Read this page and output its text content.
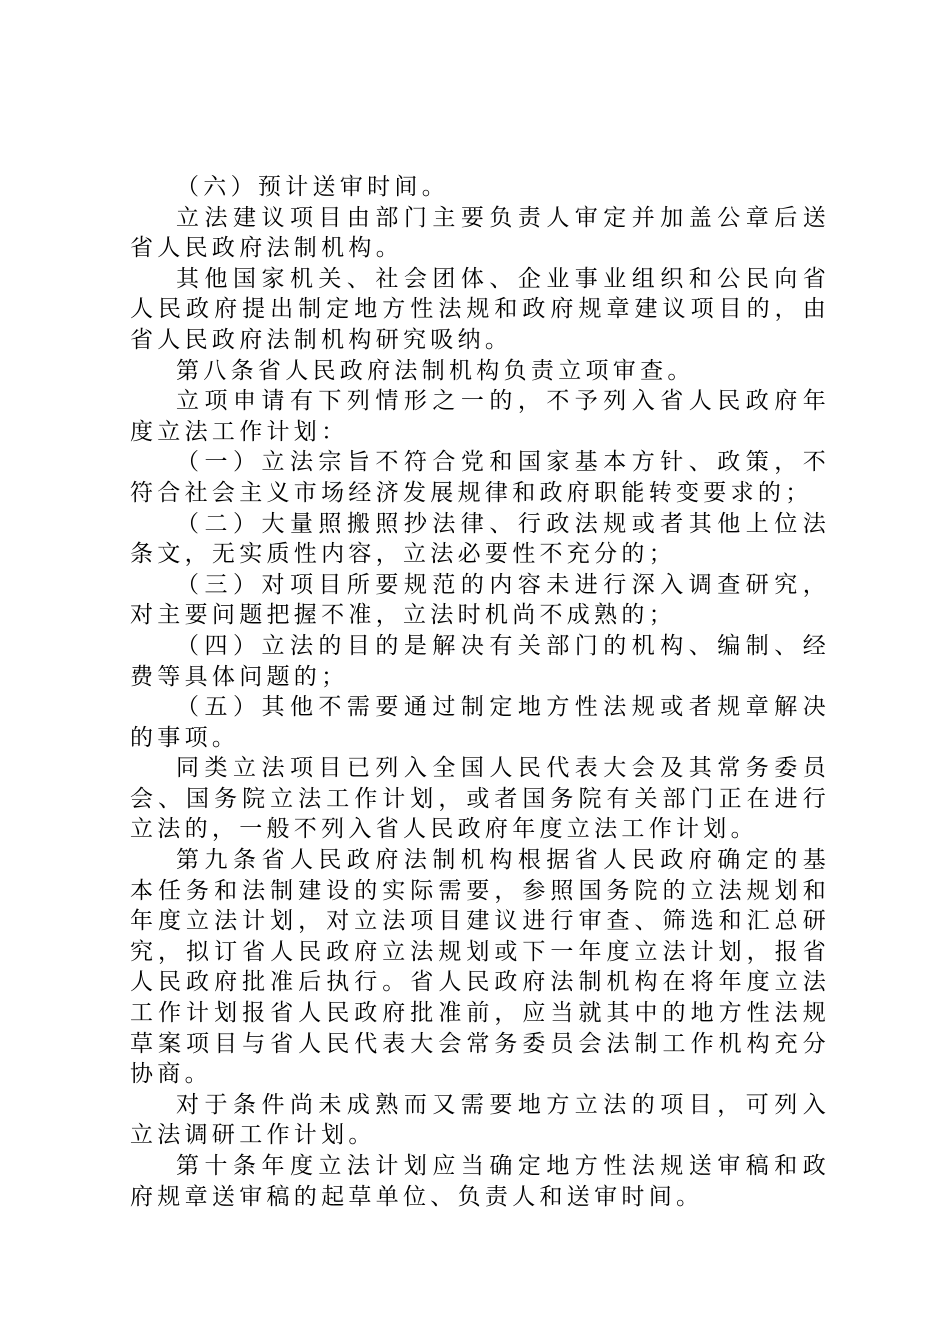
（六）预计送审时间。

立法建议项目由部门主要负责人审定并加盖公章后送省人民政府法制机构。

其他国家机关、社会团体、企业事业组织和公民向省人民政府提出制定地方性法规和政府规章建议项目的，由省人民政府法制机构研究吸纳。

第八条省人民政府法制机构负责立项审查。

立项申请有下列情形之一的，不予列入省人民政府年度立法工作计划：

（一）立法宗旨不符合党和国家基本方针、政策，不符合社会主义市场经济发展规律和政府职能转变要求的；

（二）大量照搬照抄法律、行政法规或者其他上位法条文，无实质性内容，立法必要性不充分的；

（三）对项目所要规范的内容未进行深入调查研究，对主要问题把握不准，立法时机尚不成熟的；

（四）立法的目的是解决有关部门的机构、编制、经费等具体问题的；

（五）其他不需要通过制定地方性法规或者规章解决的事项。

同类立法项目已列入全国人民代表大会及其常务委员会、国务院立法工作计划，或者国务院有关部门正在进行立法的，一般不列入省人民政府年度立法工作计划。

第九条省人民政府法制机构根据省人民政府确定的基本任务和法制建设的实际需要，参照国务院的立法规划和年度立法计划，对立法项目建议进行审查、筛选和汇总研究，拟订省人民政府立法规划或下一年度立法计划，报省人民政府批准后执行。省人民政府法制机构在将年度立法工作计划报省人民政府批准前，应当就其中的地方性法规草案项目与省人民代表大会常务委员会法制工作机构充分协商。

对于条件尚未成熟而又需要地方立法的项目，可列入立法调研工作计划。

第十条年度立法计划应当确定地方性法规送审稿和政府规章送审稿的起草单位、负责人和送审时间。
